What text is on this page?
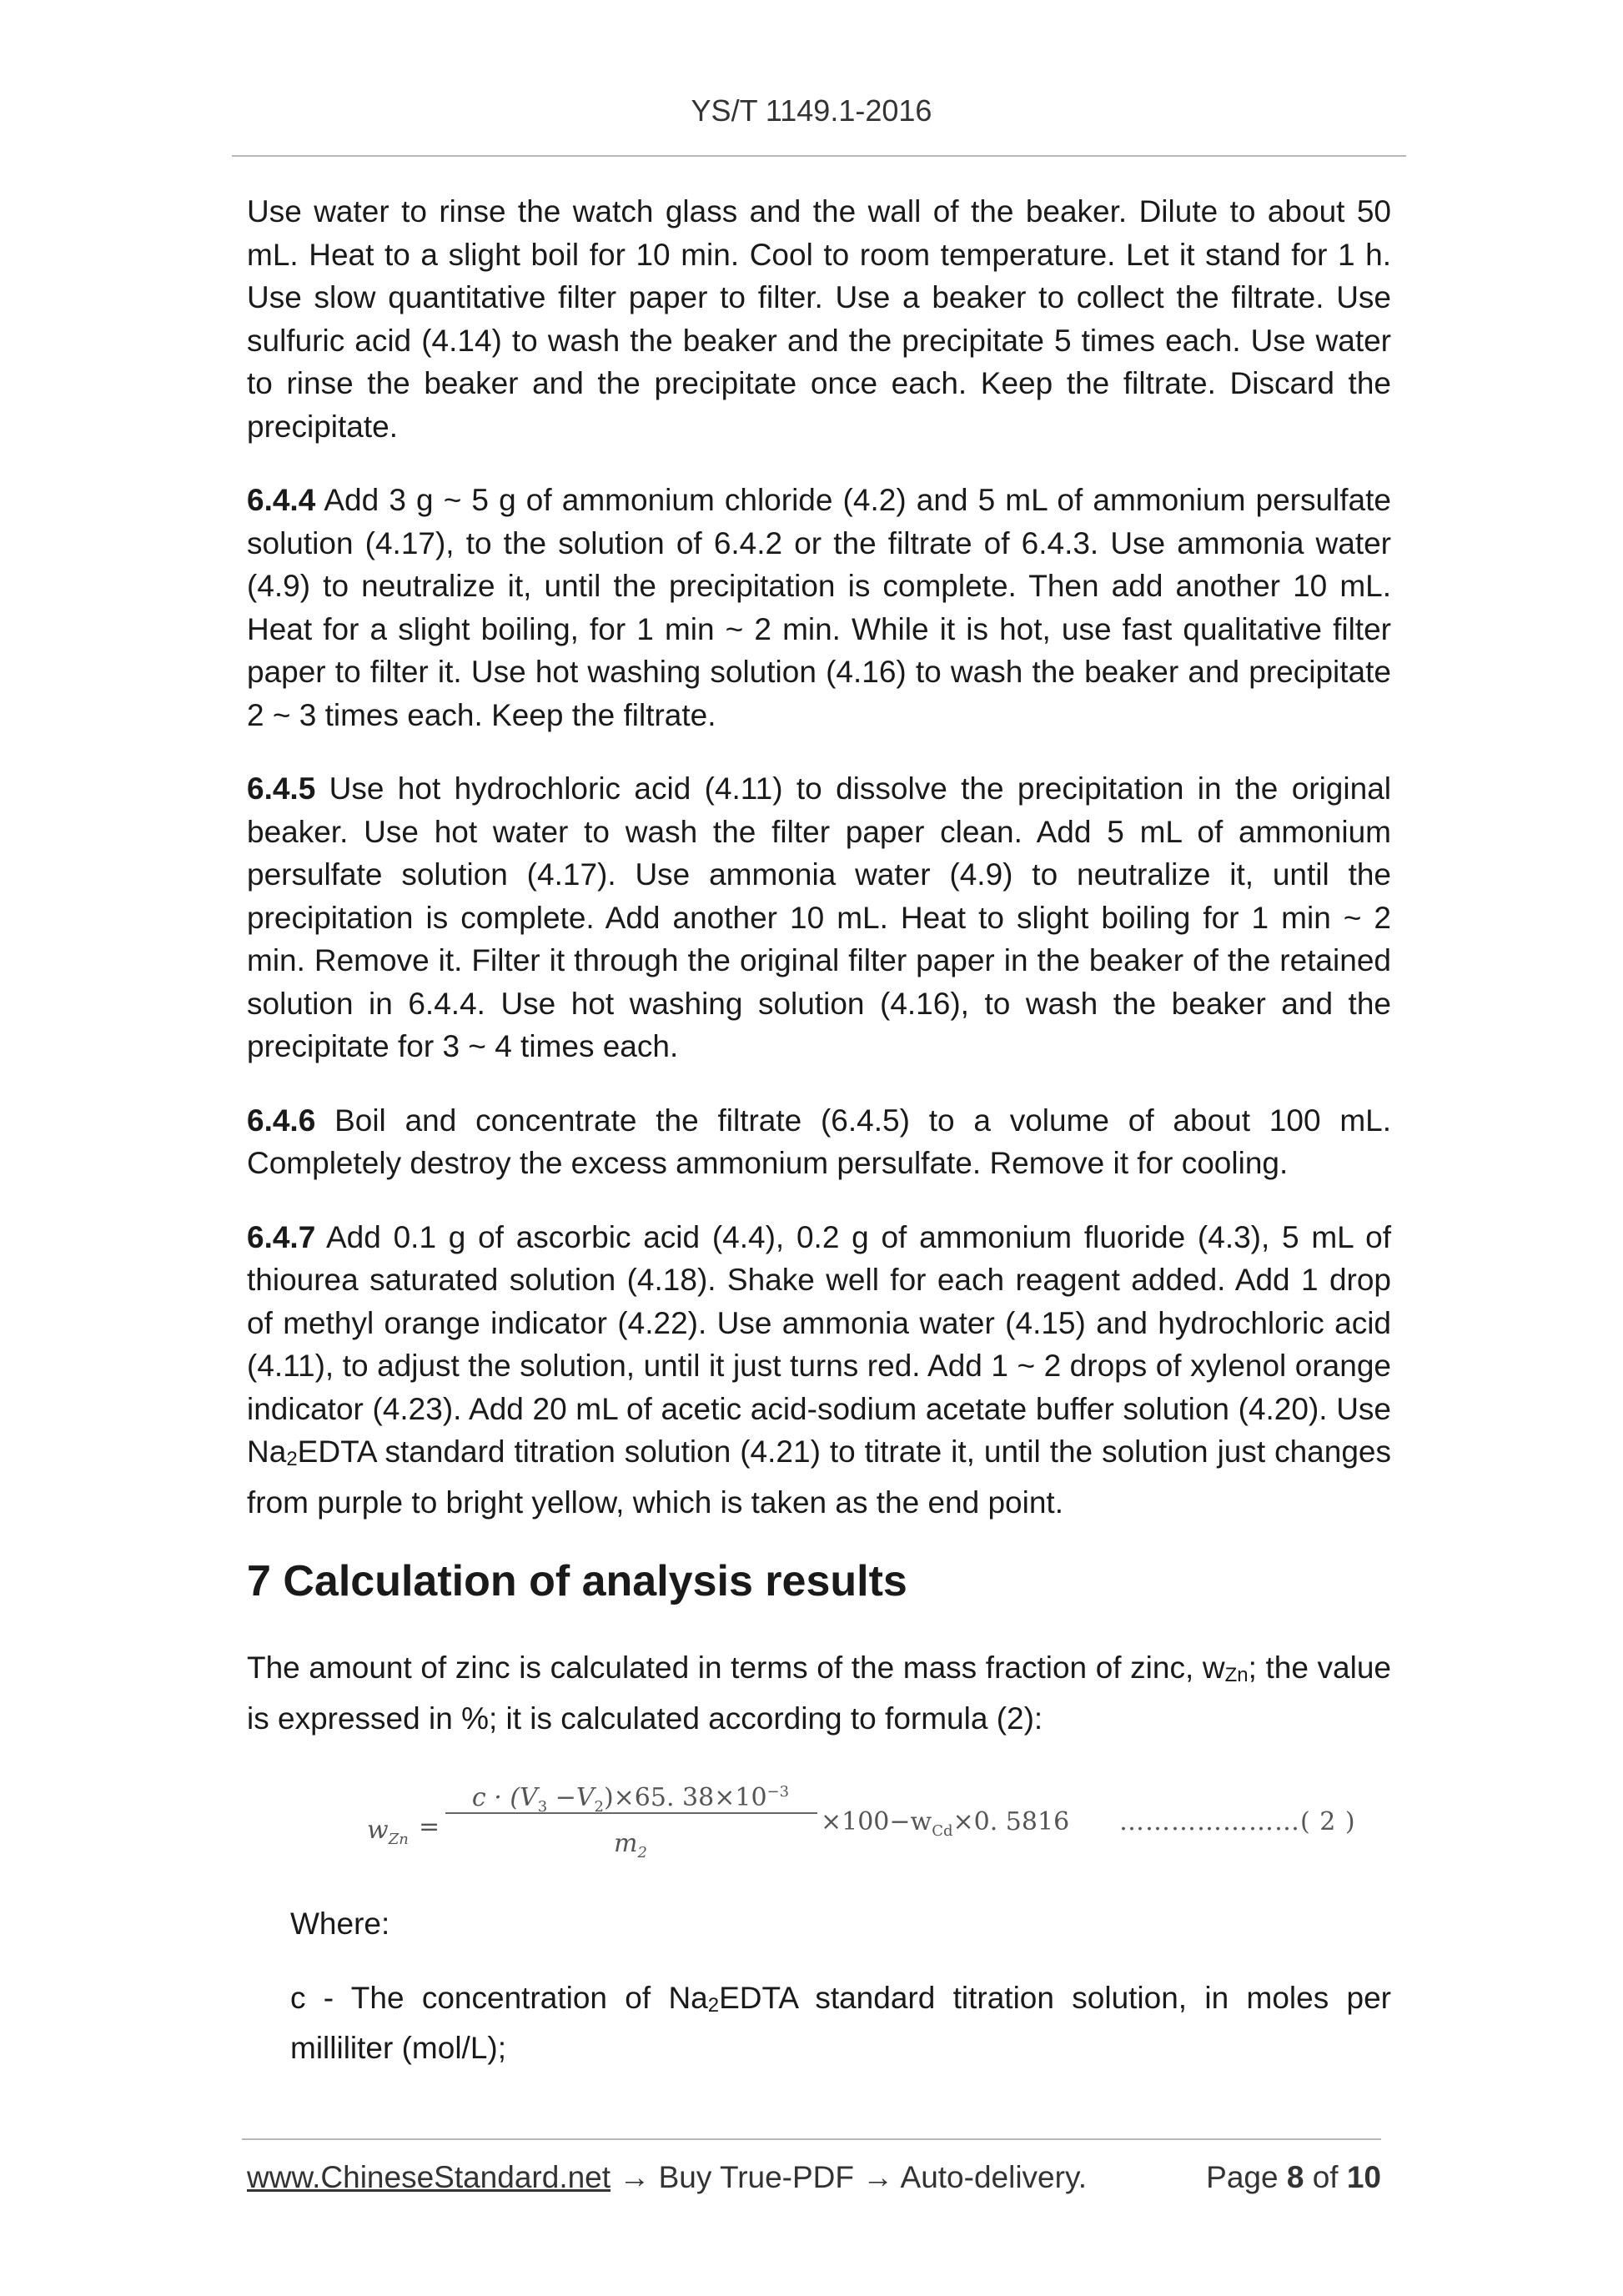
YS/T 1149.1-2016

Use water to rinse the watch glass and the wall of the beaker. Dilute to about 50 mL. Heat to a slight boil for 10 min. Cool to room temperature. Let it stand for 1 h. Use slow quantitative filter paper to filter. Use a beaker to collect the filtrate. Use sulfuric acid (4.14) to wash the beaker and the precipitate 5 times each. Use water to rinse the beaker and the precipitate once each. Keep the filtrate. Discard the precipitate.

6.4.4 Add 3 g ~ 5 g of ammonium chloride (4.2) and 5 mL of ammonium persulfate solution (4.17), to the solution of 6.4.2 or the filtrate of 6.4.3. Use ammonia water (4.9) to neutralize it, until the precipitation is complete. Then add another 10 mL. Heat for a slight boiling, for 1 min ~ 2 min. While it is hot, use fast qualitative filter paper to filter it. Use hot washing solution (4.16) to wash the beaker and precipitate 2 ~ 3 times each. Keep the filtrate.

6.4.5 Use hot hydrochloric acid (4.11) to dissolve the precipitation in the original beaker. Use hot water to wash the filter paper clean. Add 5 mL of ammonium persulfate solution (4.17). Use ammonia water (4.9) to neutralize it, until the precipitation is complete. Add another 10 mL. Heat to slight boiling for 1 min ~ 2 min. Remove it. Filter it through the original filter paper in the beaker of the retained solution in 6.4.4. Use hot washing solution (4.16), to wash the beaker and the precipitate for 3 ~ 4 times each.

6.4.6 Boil and concentrate the filtrate (6.4.5) to a volume of about 100 mL. Completely destroy the excess ammonium persulfate. Remove it for cooling.

6.4.7 Add 0.1 g of ascorbic acid (4.4), 0.2 g of ammonium fluoride (4.3), 5 mL of thiourea saturated solution (4.18). Shake well for each reagent added. Add 1 drop of methyl orange indicator (4.22). Use ammonia water (4.15) and hydrochloric acid (4.11), to adjust the solution, until it just turns red. Add 1 ~ 2 drops of xylenol orange indicator (4.23). Add 20 mL of acetic acid-sodium acetate buffer solution (4.20). Use Na2EDTA standard titration solution (4.21) to titrate it, until the solution just changes from purple to bright yellow, which is taken as the end point.

7 Calculation of analysis results

The amount of zinc is calculated in terms of the mass fraction of zinc, wZn; the value is expressed in %; it is calculated according to formula (2):

$w_{Zn}$ =
$c \cdot (V_3 -V_2)\times 65$. $38\times 10^{-3}$
$m_2$
$\times 100-w_{Cd}\times 0$. 5816 …………………( 2 )

Where:

c - The concentration of Na2EDTA standard titration solution, in moles per milliliter (mol/L);

www.ChineseStandard.net → Buy True-PDF → Auto-delivery.	Page 8 of 10
